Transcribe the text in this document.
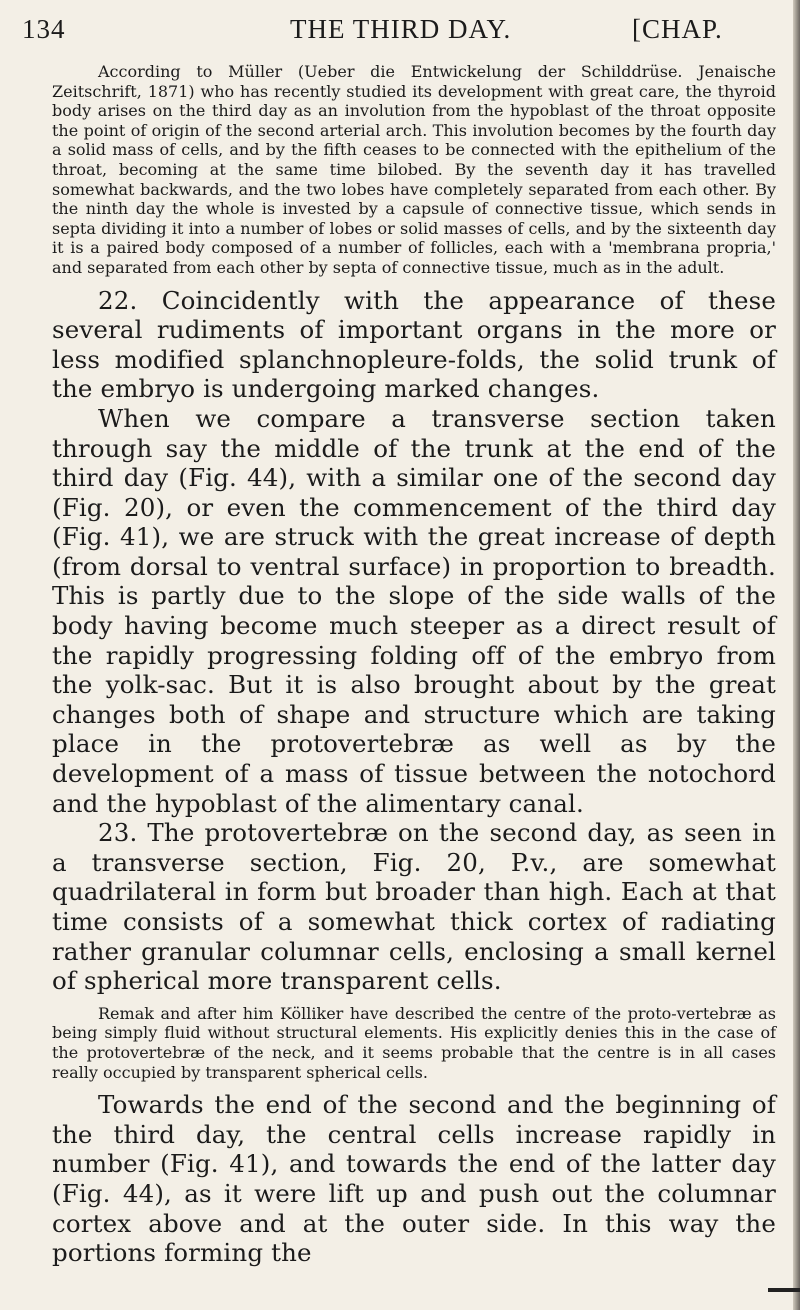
134	THE THIRD DAY.	[CHAP.

According to Müller (Ueber die Entwickelung der Schilddrüse. Jenaische Zeitschrift, 1871) who has recently studied its development with great care, the thyroid body arises on the third day as an involution from the hypoblast of the throat opposite the point of origin of the second arterial arch. This involution becomes by the fourth day a solid mass of cells, and by the fifth ceases to be connected with the epithelium of the throat, becoming at the same time bilobed. By the seventh day it has travelled somewhat backwards, and the two lobes have completely separated from each other. By the ninth day the whole is invested by a capsule of connective tissue, which sends in septa dividing it into a number of lobes or solid masses of cells, and by the sixteenth day it is a paired body composed of a number of follicles, each with a 'membrana propria,' and separated from each other by septa of connective tissue, much as in the adult.

22. Coincidently with the appearance of these several rudiments of important organs in the more or less modified splanchnopleure-folds, the solid trunk of the embryo is undergoing marked changes.

When we compare a transverse section taken through say the middle of the trunk at the end of the third day (Fig. 44), with a similar one of the second day (Fig. 20), or even the commencement of the third day (Fig. 41), we are struck with the great increase of depth (from dorsal to ventral surface) in proportion to breadth. This is partly due to the slope of the side walls of the body having become much steeper as a direct result of the rapidly progressing folding off of the embryo from the yolk-sac. But it is also brought about by the great changes both of shape and structure which are taking place in the protovertebræ as well as by the development of a mass of tissue between the notochord and the hypoblast of the alimentary canal.

23. The protovertebræ on the second day, as seen in a transverse section, Fig. 20, P.v., are somewhat quadrilateral in form but broader than high. Each at that time consists of a somewhat thick cortex of radiating rather granular columnar cells, enclosing a small kernel of spherical more transparent cells.

Remak and after him Kölliker have described the centre of the proto-vertebræ as being simply fluid without structural elements. His explicitly denies this in the case of the protovertebræ of the neck, and it seems probable that the centre is in all cases really occupied by transparent spherical cells.

Towards the end of the second and the beginning of the third day, the central cells increase rapidly in number (Fig. 41), and towards the end of the latter day (Fig. 44), as it were lift up and push out the columnar cortex above and at the outer side. In this way the portions forming the
